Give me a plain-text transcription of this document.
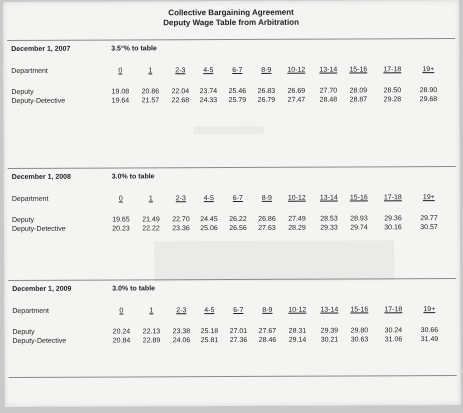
Collective Bargaining Agreement
Deputy Wage Table from Arbitration
December 1, 2007	3.5°% to table
Department	0	1	2-3	4-5	6-7	8-9	10-12	13-14	15-16	17-18	19+
Deputy	19.08	20.86	22.04	23.74	25.46	26.83	26.69	27.70	28.09	28.50	28.90
Deputy-Detective	19.64	21.57	22.68	24.33	25.79	26.79	27.47	28.48	28.87	29.28	29.68
December 1, 2008	3.0% to table
Department	0	1	2-3	4-5	6-7	8-9	10-12	13-14	15-16	17-18	19+
Deputy	19.65	21.49	22.70	24.45	26.22	26.86	27.49	28.53	28.93	29.36	29.77
Deputy-Detective	20.23	22.22	23.36	25.06	26.56	27.63	28.29	29.33	29.74	30.16	30.57
December 1, 2009	3.0% to table
Department	0	1	2-3	4-5	6-7	8-9	10-12	13-14	15-16	17-18	19+
Deputy	20.24	22.13	23.38	25.18	27.01	27.67	28.31	29.39	29.80	30.24	30.66
Deputy-Detective	20.84	22.89	24.06	25.81	27.36	28.46	29.14	30.21	30.63	31.06	31.49
